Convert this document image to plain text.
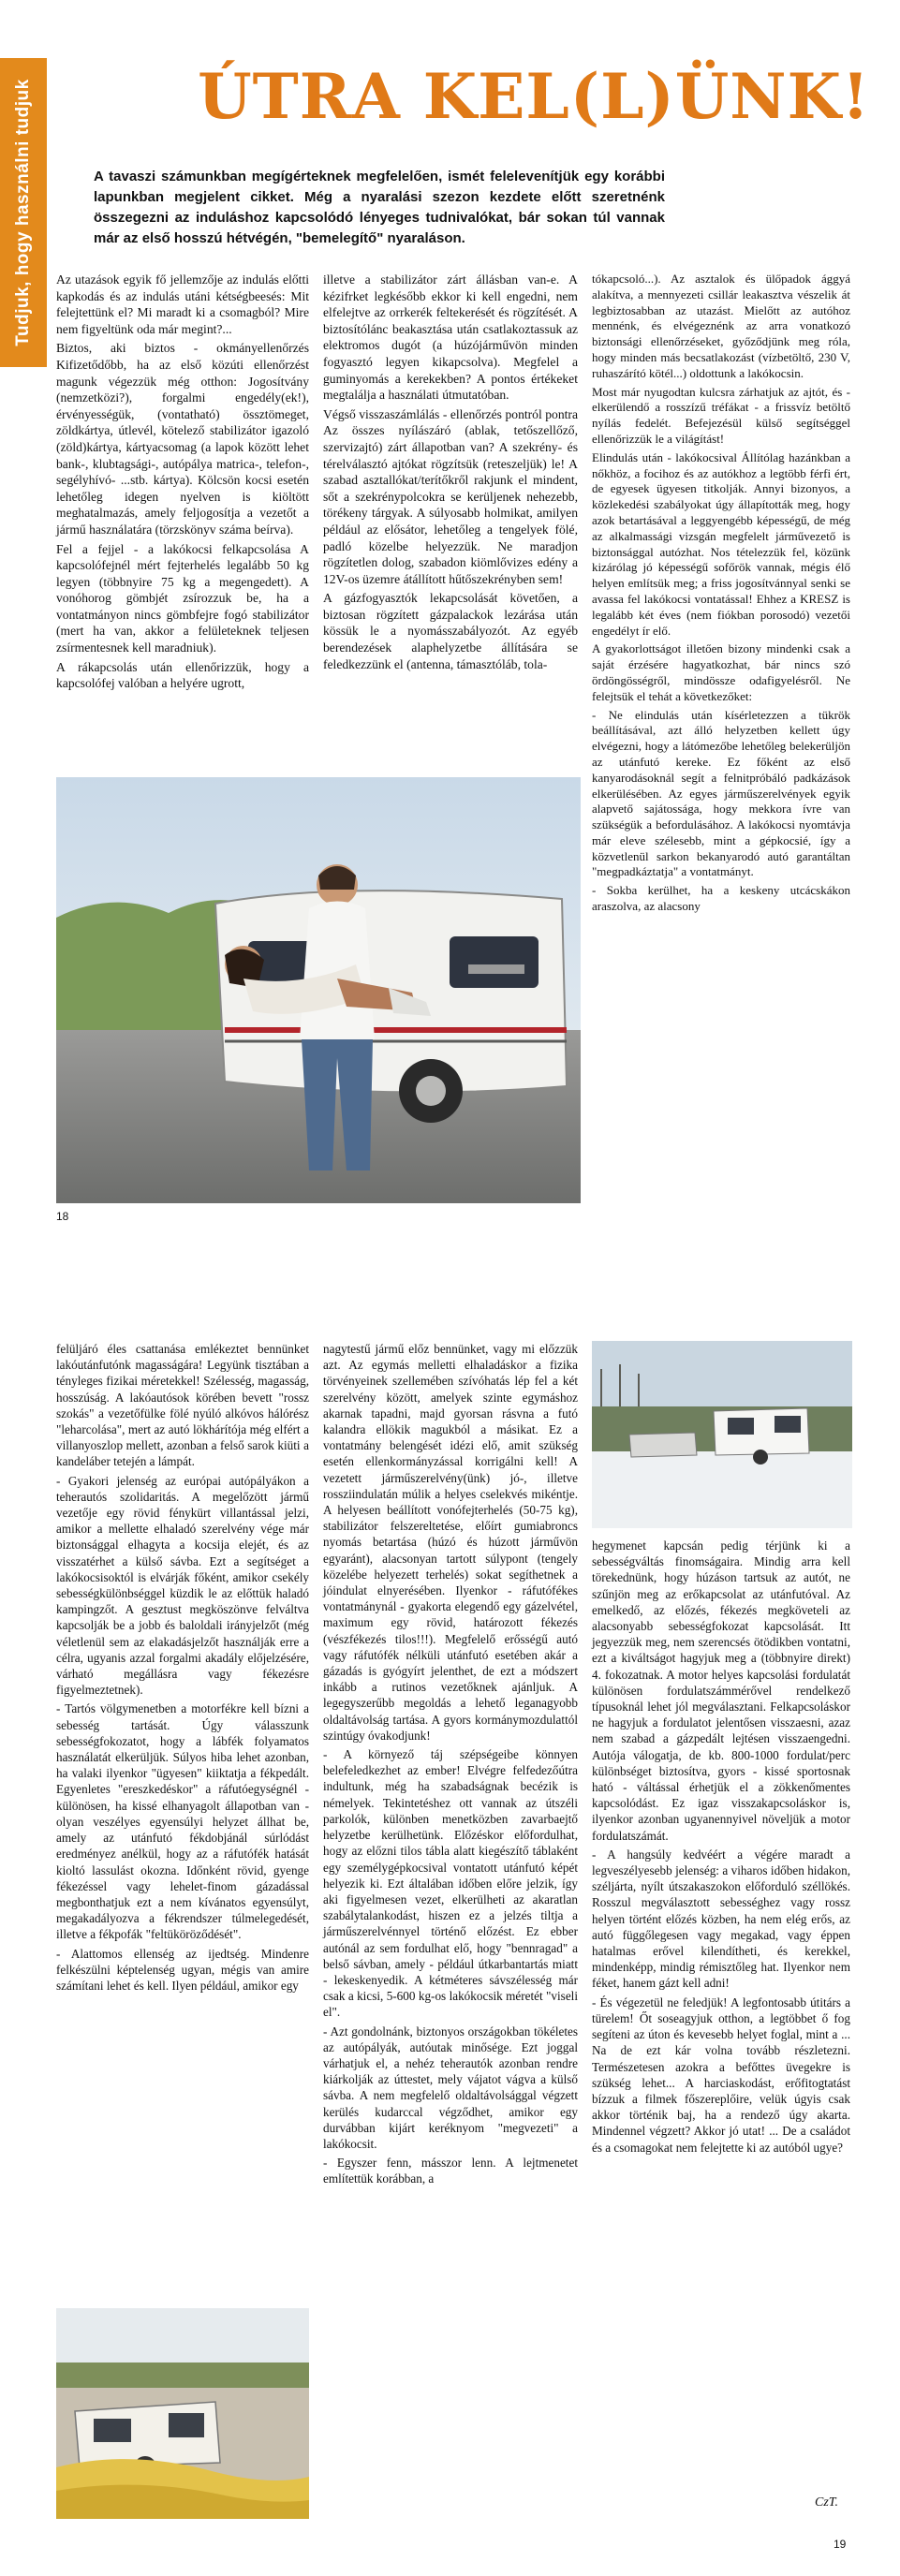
Tudjuk, hogy használni tudjuk	ÚTRA KEL(L)ÜNK!
A tavaszi számunkban megígérteknek megfelelően, ismét felelevenítjük egy korábbi lapunkban megjelent cikket. Még a nyaralási szezon kezdete előtt szeretnénk összegezni az induláshoz kapcsolódó lényeges tudnivalókat, bár sokan túl vannak már az első hosszú hétvégén, "bemelegítő" nyaraláson.

Az utazások egyik fő jellemzője az indulás előtti kapkodás és az indulás utáni kétségbeesés: Mit felejtettünk el? Mi maradt ki a csomagból? Mire nem figyeltünk oda már megint?...

Biztos, aki biztos - okmányellenőrzés Kifizetődőbb, ha az első közúti ellenőrzést magunk végezzük még otthon: Jogosítvány (nemzetközi?), forgalmi engedély(ek!), érvényességük, (vontatható) össztömeget, zöldkártya, útlevél, kötelező stabilizátor igazoló (zöld)kártya, kártyacsomag (a lapok között lehet bank-, klubtagsági-, autópálya matrica-, telefon-, segélyhívó- ...stb. kártya). Kölcsön kocsi esetén lehetőleg idegen nyelven is kiöltött meghatalmazás, amely feljogosítja a vezetőt a jármű használatára (törzskönyv száma beírva).

Fel a fejjel - a lakókocsi felkapcsolása A kapcsolófejnél mért fejterhelés legalább 50 kg legyen (többnyire 75 kg a megengedett). A vonóhorog gömbjét zsírozzuk be, ha a vontatmányon nincs gömbfejre fogó stabilizátor (mert ha van, akkor a felületeknek teljesen zsírmentesnek kell maradniuk).

A rákapcsolás után ellenőrizzük, hogy a kapcsolófej valóban a helyére ugrott,

illetve a stabilizátor zárt állásban van-e. A kézifrket legkésőbb ekkor ki kell engedni, nem elfelejtve az orrkerék feltekerését és rögzítését. A biztosítólánc beakasztása után csatlakoztassuk az elektromos dugót (a húzójárművön minden fogyasztó legyen kikapcsolva). Megfelel a guminyomás a kerekekben? A pontos értékeket megtalálja a használati útmutatóban.

Végső visszaszámlálás - ellenőrzés pontról pontra Az összes nyílászáró (ablak, tetőszellőző, szervizajtó) zárt állapotban van? A szekrény- és térelválasztó ajtókat rögzítsük (reteszeljük) le! A szabad asztallókat/terítőkről rakjunk el mindent, sőt a szekrénypolcokra se kerüljenek nehezebb, törékeny tárgyak. A súlyosabb holmikat, amilyen például az elősátor, lehetőleg a tengelyek fölé, padló közelbe helyezzük. Ne maradjon rögzítetlen dolog, szabadon kiömlővizes edény a 12V-os üzemre átállított hűtőszekrényben sem!

A gázfogyasztók lekapcsolását követően, a biztosan rögzített gázpalackok lezárása után kössük le a nyomásszabályozót. Az egyéb berendezések alaphelyzetbe állítására se feledkezzünk el (antenna, támasztóláb, tola-

tókapcsoló...). Az asztalok és ülőpadok ággyá alakítva, a mennyezeti csillár leakasztva vészelik át legbiztosabban az utazást. Mielőtt az autóhoz mennénk, és elvégeznénk az arra vonatkozó biztonsági ellenőrzéseket, győződjünk meg róla, hogy minden más becsatlakozást (vízbetöltő, 230 V, ruhaszárító kötél...) oldottunk a lakókocsin.

Most már nyugodtan kulcsra zárhatjuk az ajtót, és - elkerülendő a rosszízű tréfákat - a frissvíz betöltő nyílás fedelét. Befejezésül külső segítséggel ellenőrizzük le a világítást!

Elindulás után - lakókocsival Állítólag hazánkban a nőkhöz, a focihoz és az autókhoz a legtöbb férfi ért, de egyesek ügyesen titkolják. Annyi bizonyos, a közlekedési szabályokat úgy állapították meg, hogy azok betartásával a leggyengébb képességű, de még az alkalmassági vizsgán megfelelt járművezető is biztonsággal autózhat. Nos tételezzük fel, közünk kizárólag jó képességű sofőrök vannak, mégis élő helyen említsük meg; a friss jogosítvánnyal senki se avassa fel lakókocsi vontatással! Ehhez a KRESZ is legalább két éves (nem fiókban porosodó) vezetői engedélyt ír elő.

A gyakorlottságot illetően bizony mindenki csak a saját érzésére hagyatkozhat, bár nincs szó ördöngösségről, mindössze odafigyelésről. Ne felejtsük el tehát a következőket:

- Ne elindulás után kísérletezzen a tükrök beállításával, azt álló helyzetben kellett úgy elvégezni, hogy a látómezőbe lehetőleg belekerüljön az utánfutó kereke. Ez főként az első kanyarodásoknál segít a felnitpróbáló padkázások elkerülésében. Az egyes járműszerelvények egyik alapvető sajátossága, hogy mekkora ívre van szükségük a befordulásához. A lakókocsi nyomtávja már eleve szélesebb, mint a gépkocsié, így a közvetlenül sarkon bekanyarodó autó garantáltan "megpadkáztatja" a vontatmányt.

- Sokba kerülhet, ha a keskeny utcácskákon araszolva, az alacsony

18

felüljáró éles csattanása emlékeztet bennünket lakóutánfutónk magasságára! Legyünk tisztában a tényleges fizikai méretekkel! Szélesség, magasság, hosszúság. A lakóautósok körében bevett "rossz szokás" a vezetőfülke fölé nyúló alkóvos hálórész "leharcolása", mert az autó lökhárítója még elfért a villanyoszlop mellett, azonban a felső sarok kiüti a kandeláber tetején a lámpát.

- Gyakori jelenség az európai autópályákon a teherautós szolidaritás. A megelőzött jármű vezetője egy rövid fénykürt villantással jelzi, amikor a mellette elhaladó szerelvény vége már biztonsággal elhagyta a kocsija elejét, és az visszatérhet a külső sávba. Ezt a segítséget a lakókocsisoktól is elvárják főként, amikor csekély sebességkülönbséggel küzdik le az előttük haladó kampingzőt. A gesztust megköszönve felváltva kapcsolják be a jobb és baloldali irányjelzőt (még véletlenül sem az elakadásjelzőt használják erre a célra, ugyanis azzal forgalmi akadály előjelzésére, várható megállásra vagy fékezésre figyelmeztetnek).

- Tartós völgymenetben a motorfékre kell bízni a sebesség tartását. Úgy válasszunk sebességfokozatot, hogy a lábfék folyamatos használatát elkerüljük. Súlyos hiba lehet azonban, ha valaki ilyenkor "ügyesen" kiiktatja a fékpedált. Egyenletes "ereszkedéskor" a ráfutóegységnél - különösen, ha kissé elhanyagolt állapotban van - olyan veszélyes egyensúlyi helyzet állhat be, amely az utánfutó fékdobjánál súrlódást eredményez anélkül, hogy az a ráfutófék hatását kioltó lassulást okozna. Időnként rövid, gyenge fékezéssel vagy lehelet-finom gázadással megbonthatjuk ezt a nem kívánatos egyensúlyt, megakadályozva a fékrendszer túlmelegedését, illetve a fékpofák "feltüköröződését".

- Alattomos ellenség az ijedtség. Mindenre felkészülni képtelenség ugyan, mégis van amire számítani lehet és kell. Ilyen például, amikor egy

nagytestű jármű előz bennünket, vagy mi előzzük azt. Az egymás melletti elhaladáskor a fizika törvényeinek szellemében szívóhatás lép fel a két szerelvény között, amelyek szinte egymáshoz akarnak tapadni, majd gyorsan rásvna a futó kalandra ellökik magukból a másikat. Ez a vontatmány belengését idézi elő, amit szükség esetén ellenkormányzással korrigálni kell! A vezetett járműszerelvény(ünk) jó-, illetve rossziindulatán múlik a helyes cselekvés mikéntje. A helyesen beállított vonófejterhelés (50-75 kg), stabilizátor felszereltetése, előírt gumiabroncs nyomás betartása (húzó és húzott járművön egyaránt), alacsonyan tartott súlypont (tengely közelébe helyezett terhelés) sokat segíthetnek a jóindulat elnyerésében. Ilyenkor - ráfutófékes vontatmánynál - gyakorta elegendő egy gázelvétel, maximum egy rövid, határozott fékezés (vészfékezés tilos!!!). Megfelelő erősségű autó vagy ráfutófék nélküli utánfutó esetében akár a gázadás is gyógyírt jelenthet, de ezt a módszert inkább a rutinos vezetőknek ajánljuk. A legegyszerűbb megoldás a lehető leganagyobb oldaltávolság tartása. A gyors kormánymozdulattól szintúgy óvakodjunk!

- A környező táj szépségeibe könnyen belefeledkezhet az ember! Elvégre felfedezőútra indultunk, még ha szabadságnak becézik is némelyek. Tekintetéshez ott vannak az útszéli parkolók, különben menetközben zavarbaejtő helyzetbe kerülhetünk. Előzéskor előfordulhat, hogy az előzni tilos tábla alatt kiegészítő táblaként egy személygépkocsival vontatott utánfutó képét helyezik ki. Ezt általában időben előre jelzik, így aki figyelmesen vezet, elkerülheti az akaratlan szabálytalankodást, hiszen ez a jelzés tiltja a járműszerelvénnyel történő előzést. Ez ebber autónál az sem fordulhat elő, hogy "bennragad" a belső sávban, amely - például útkarbantartás miatt - lekeskenyedik. A kétméteres sávszélesség már csak a kicsi, 5-600 kg-os lakókocsik méretét "viseli el".

- Azt gondolnánk, biztonyos országokban tökéletes az autópályák, autóutak minősége. Ezt joggal várhatjuk el, a nehéz teherautók azonban rendre kiárkolják az úttestet, mely vájatot vágva a külső sávba. A nem megfelelő oldaltávolsággal végzett kerülés kudarccal végződhet, amikor egy durvábban kijárt keréknyom "megvezeti" a lakókocsit.

- Egyszer fenn, másszor lenn. A lejtmenetet említettük korábban, a

hegymenet kapcsán pedig térjünk ki a sebességváltás finomságaira. Mindig arra kell törekednünk, hogy húzáson tartsuk az autót, ne szűnjön meg az erőkapcsolat az utánfutóval. Az emelkedő, az előzés, fékezés megköveteli az alacsonyabb sebességfokozat kapcsolását. Itt jegyezzük meg, nem szerencsés ötödikben vontatni, ezt a kiváltságot hagyjuk meg a (többnyire direkt) 4. fokozatnak. A motor helyes kapcsolási fordulatát különösen fordulatszámmérővel rendelkező típusoknál lehet jól megválasztani. Felkapcsoláskor ne hagyjuk a fordulatot jelentősen visszaesni, azaz nem szabad a gázpedált lejtésen visszaengedni. Autója válogatja, de kb. 800-1000 fordulat/perc különbséget biztosítva, gyors - kissé sportosnak ható - váltással érhetjük el a zökkenőmentes kapcsolódást. Ez igaz visszakapcsoláskor is, ilyenkor azonban ugyanennyivel növeljük a motor fordulatszámát.

- A hangsúly kedvéért a végére maradt a legveszélyesebb jelenség: a viharos időben hidakon, széljárta, nyílt útszakaszokon előforduló széllökés. Rosszul megválasztott sebességhez vagy rossz helyen történt előzés közben, ha nem elég erős, az autó függőlegesen vagy megakad, vagy éppen hatalmas erővel kilendítheti, és kerekkel, mindenképp, mindig rémisztőleg hat. Ilyenkor nem féket, hanem gázt kell adni!

- És végezetül ne feledjük! A legfontosabb útitárs a türelem! Őt soseagyjuk otthon, a legtöbbet ő fog segíteni az úton és kevesebb helyet foglal, mint a ... Na de ezt kár volna tovább részletezni. Természetesen azokra a befőttes üvegekre is szükség lehet... A harciaskodást, erőfitogtatást bízzuk a filmek főszereplőire, velük úgyis csak akkor történik baj, ha a rendező úgy akarta. Mindennel végzett? Akkor jó utat! ... De a családot és a csomagokat nem felejtette ki az autóból ugye?

CzT.
19
